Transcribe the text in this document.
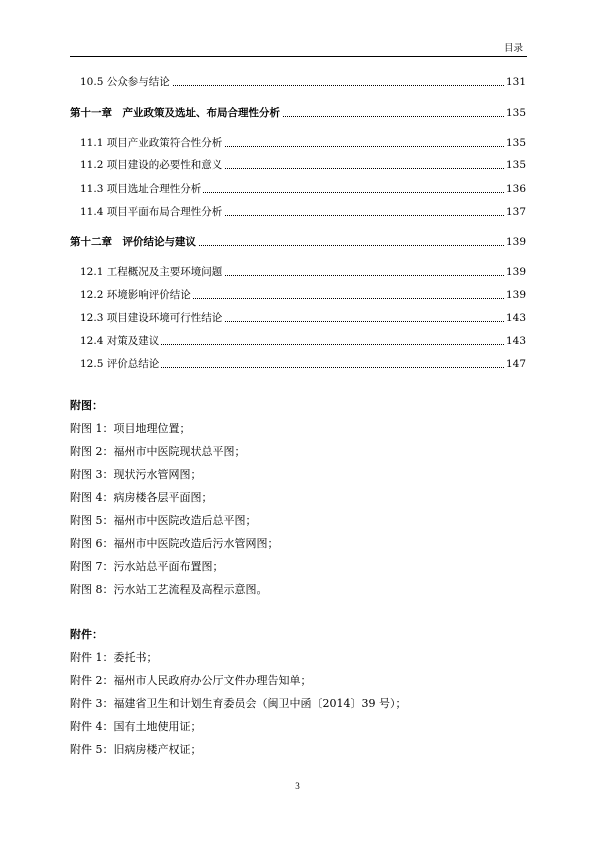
目录
10.5 公众参与结论	131
第十一章　产业政策及选址、布局合理性分析	135
11.1 项目产业政策符合性分析	135
11.2 项目建设的必要性和意义	135
11.3 项目选址合理性分析	136
11.4 项目平面布局合理性分析	137
第十二章　评价结论与建议	139
12.1 工程概况及主要环境问题	139
12.2 环境影响评价结论	139
12.3 项目建设环境可行性结论	143
12.4 对策及建议	143
12.5 评价总结论	147
附图：
附图 1：项目地理位置；
附图 2：福州市中医院现状总平图；
附图 3：现状污水管网图；
附图 4：病房楼各层平面图；
附图 5：福州市中医院改造后总平图；
附图 6：福州市中医院改造后污水管网图；
附图 7：污水站总平面布置图；
附图 8：污水站工艺流程及高程示意图。
附件：
附件 1：委托书；
附件 2：福州市人民政府办公厅文件办理告知单；
附件 3：福建省卫生和计划生育委员会（闽卫中函〔2014〕39 号）；
附件 4：国有土地使用证；
附件 5：旧病房楼产权证；
3
